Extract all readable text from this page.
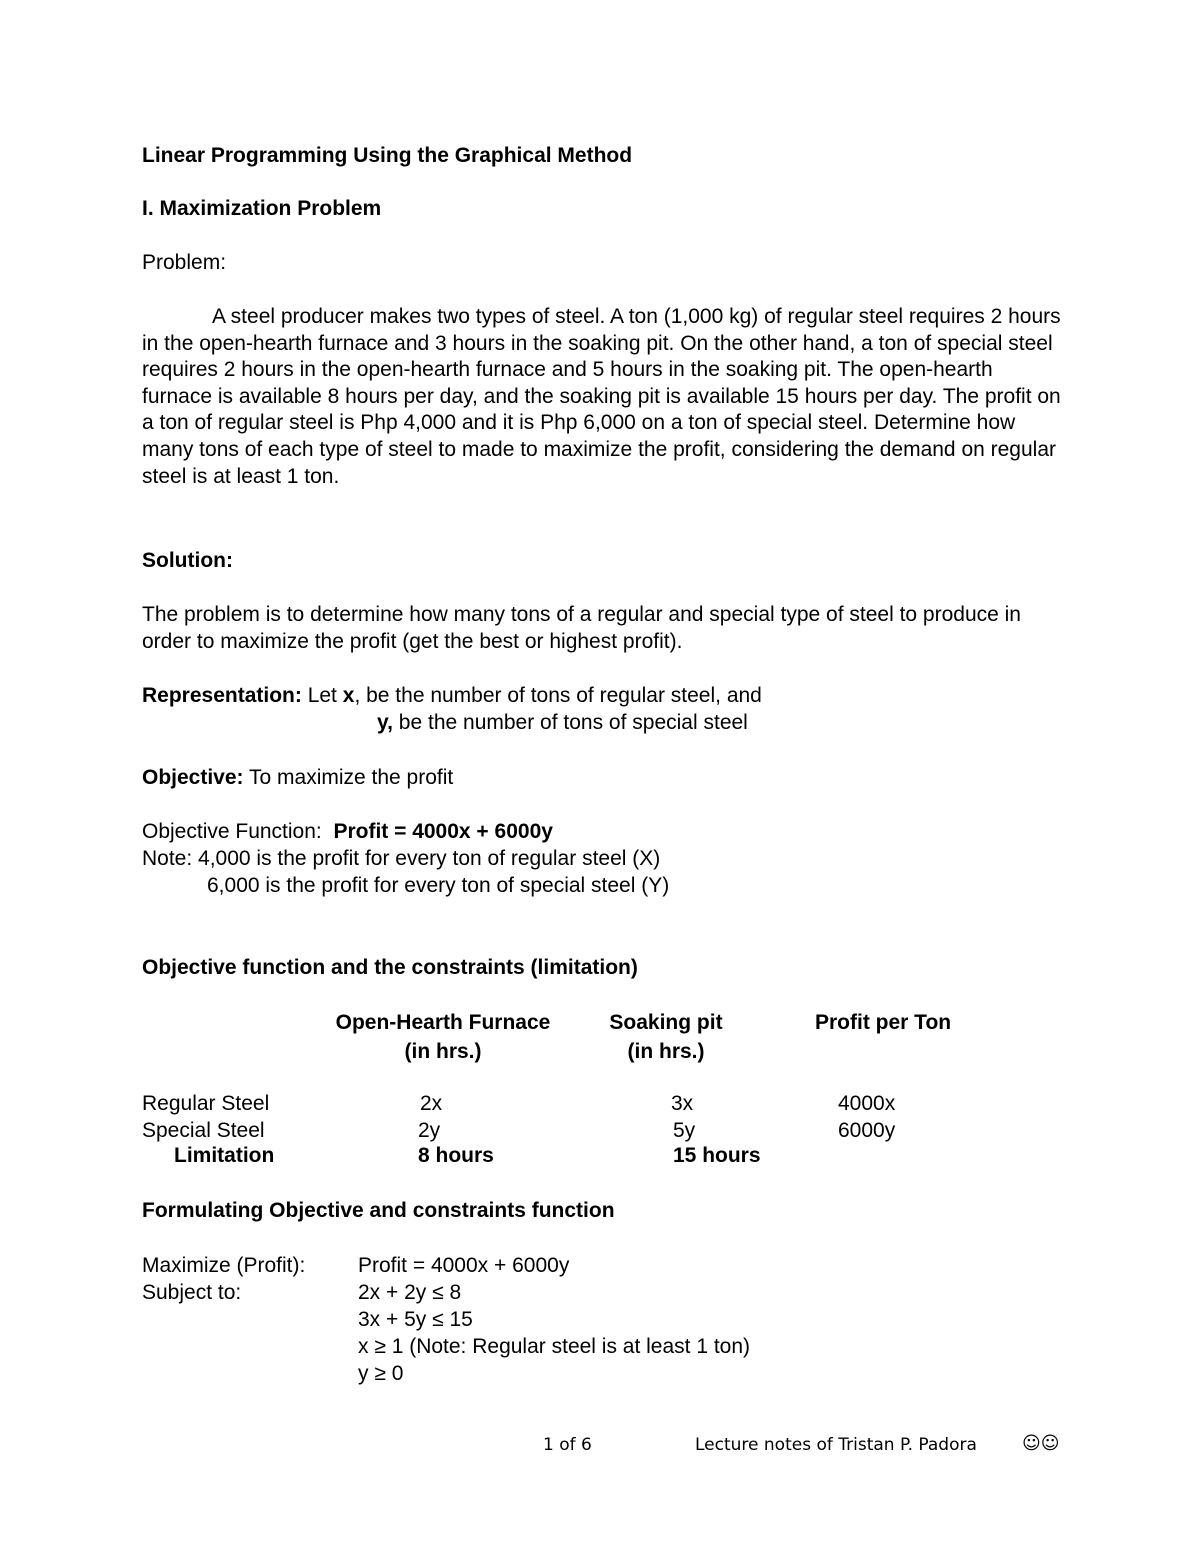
Linear Programming Using the Graphical Method
I. Maximization Problem
Problem:

A steel producer makes two types of steel. A ton (1,000 kg) of regular steel requires 2 hours in the open-hearth furnace and 3 hours in the soaking pit. On the other hand, a ton of special steel requires 2 hours in the open-hearth furnace and 5 hours in the soaking pit. The open-hearth furnace is available 8 hours per day, and the soaking pit is available 15 hours per day. The profit on a ton of regular steel is Php 4,000 and it is Php 6,000 on a ton of special steel. Determine how many tons of each type of steel to made to maximize the profit, considering the demand on regular steel is at least 1 ton.

Solution:

The problem is to determine how many tons of a regular and special type of steel to produce in order to maximize the profit (get the best or highest profit).

Representation: Let x, be the number of tons of regular steel, and
y, be the number of tons of special steel
Objective: To maximize the profit
Objective Function: Profit = 4000x + 6000y
Note: 4,000 is the profit for every ton of regular steel (X)
6,000 is the profit for every ton of special steel (Y)
Objective function and the constraints (limitation)
Open-Hearth Furnace
(in hrs.)
Soaking pit
(in hrs.)
Profit per Ton
Regular Steel	2x	3x	4000x
Special Steel	2y	5y	6000y
Limitation	8 hours	15 hours
Formulating Objective and constraints function
Maximize (Profit):	Profit = 4000x + 6000y
Subject to:	2x + 2y ≤ 8
3x + 5y ≤ 15
x ≥ 1 (Note: Regular steel is at least 1 ton)
y ≥ 0
1 of 6	Lecture notes of Tristan P. Padora	☺☺
